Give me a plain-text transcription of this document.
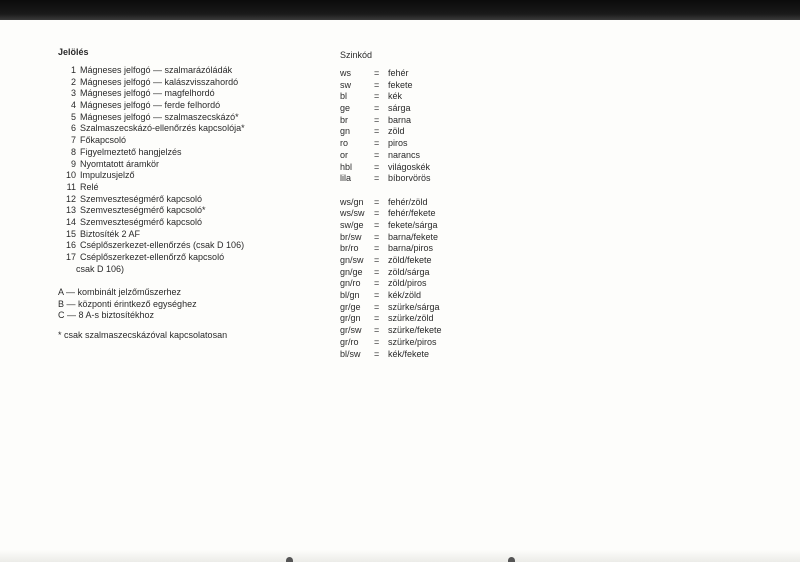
Jelölés
1 Mágneses jelfogó — szalmarázóládák
2 Mágneses jelfogó — kalászvisszahordó
3 Mágneses jelfogó — magfelhordó
4 Mágneses jelfogó — ferde felhordó
5 Mágneses jelfogó — szalmaszecskázó*
6 Szalmaszecskázó-ellenőrzés kapcsolója*
7 Főkapcsoló
8 Figyelmeztető hangjelzés
9 Nyomtatott áramkör
10 Impulzusjelző
11 Relé
12 Szemveszteségmérő kapcsoló
13 Szemveszteségmérő kapcsoló*
14 Szemveszteségmérő kapcsoló
15 Biztosíték 2 AF
16 Cséplőszerkezet-ellenőrzés (csak D 106)
17 Cséplőszerkezet-ellenőrző kapcsoló
csak D 106)
A — kombinált jelzőműszerhez
B — központi érintkező egységhez
C — 8 A-s biztosítékhoz
* csak szalmaszecskázóval kapcsolatosan
Szinkód
ws	= fehér
sw	= fekete
bl	= kék
ge	= sárga
br	= barna
gn	= zöld
ro	= piros
or	= narancs
hbl = világoskék
lila	= bíborvörös
ws/gn = fehér/zöld
ws/sw = fehér/fekete
sw/ge = fekete/sárga
br/sw = barna/fekete
br/ro = barna/piros
gn/sw = zöld/fekete
gn/ge = zöld/sárga
gn/ro = zöld/piros
bl/gn = kék/zöld
gr/ge = szürke/sárga
gr/gn = szürke/zöld
gr/sw = szürke/fekete
gr/ro = szürke/piros
bl/sw = kék/fekete
